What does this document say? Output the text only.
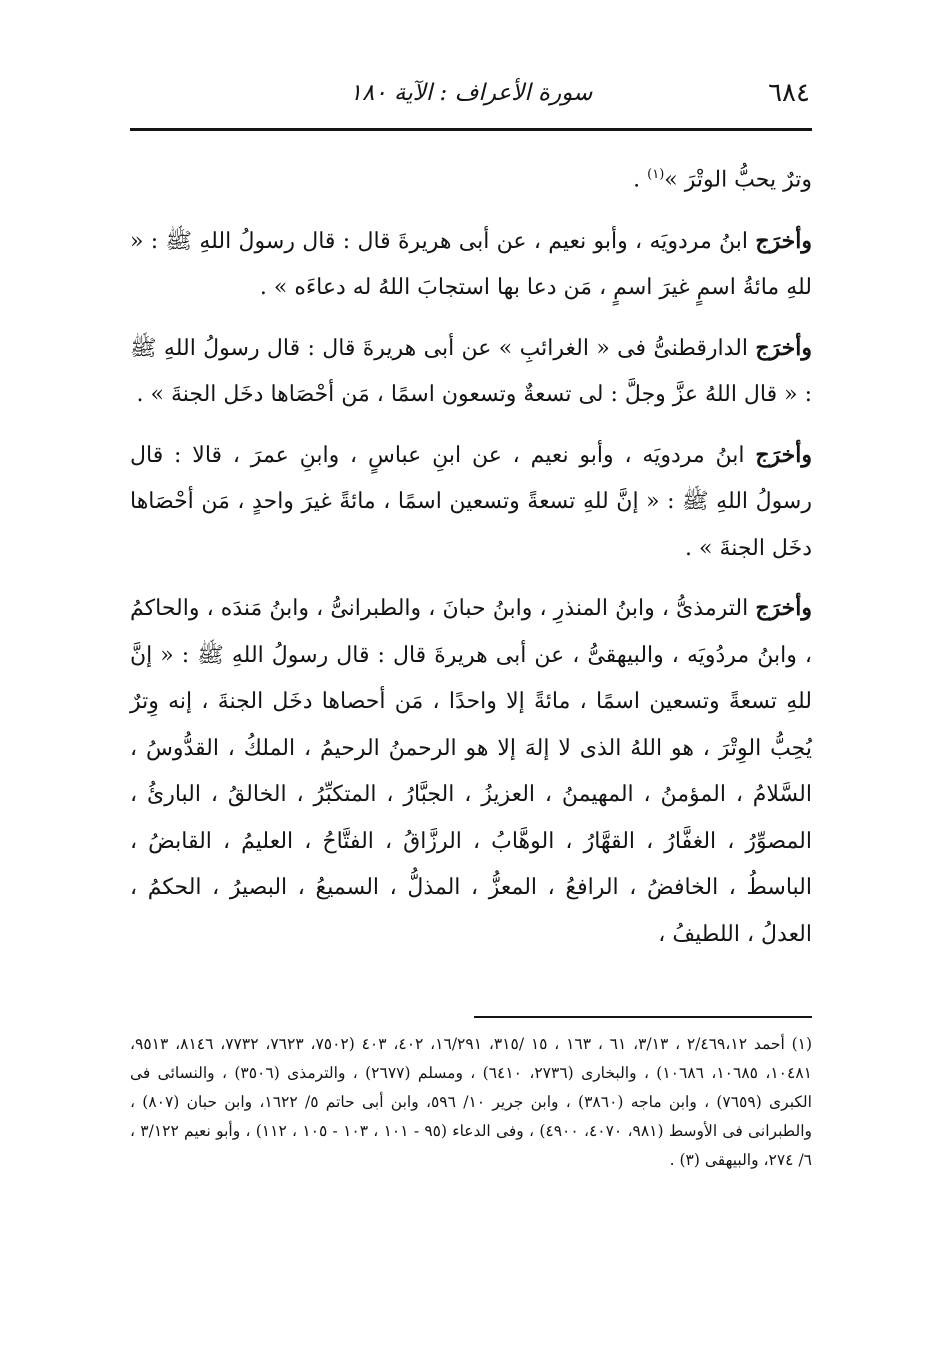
٦٨٤
سورة الأعراف : الآية ١٨٠

وترٌ يحبُّ الوتْرَ »$^{(١)}$ .

وأخرَج ابنُ مردويَه ، وأبو نعيم ، عن أبى هريرةَ قال : قال رسولُ اللهِ ﷺ : « للهِ مائةُ اسمٍ غيرَ اسمٍ ، مَن دعا بها استجابَ اللهُ له دعاءَه » .

وأخرَج الدارقطنىُّ فى « الغرائبِ » عن أبى هريرةَ قال : قال رسولُ اللهِ ﷺ : « قال اللهُ عزَّ وجلَّ : لى تسعةٌ وتسعون اسمًا ، مَن أحْصَاها دخَل الجنةَ » .

وأخرَج ابنُ مردويَه ، وأبو نعيم ، عن ابنِ عباسٍ ، وابنِ عمرَ ، قالا : قال رسولُ اللهِ ﷺ : « إنَّ للهِ تسعةً وتسعين اسمًا ، مائةً غيرَ واحدٍ ، مَن أحْصَاها دخَل الجنةَ » .

وأخرَج الترمذىُّ ، وابنُ المنذرِ ، وابنُ حبانَ ، والطبرانىُّ ، وابنُ مَندَه ، والحاكمُ ، وابنُ مردُويَه ، والبيهقىُّ ، عن أبى هريرةَ قال : قال رسولُ اللهِ ﷺ : « إنَّ للهِ تسعةً وتسعين اسمًا ، مائةً إلا واحدًا ، مَن أحصاها دخَل الجنةَ ، إنه وِترٌ يُحِبُّ الوِتْرَ ، هو اللهُ الذى لا إلهَ إلا هو الرحمنُ الرحيمُ ، الملكُ ، القدُّوسُ ، السَّلامُ ، المؤمنُ ، المهيمنُ ، العزيزُ ، الجبَّارُ ، المتكبِّرُ ، الخالقُ ، البارئُ ، المصوِّرُ ، الغفَّارُ ، القهَّارُ ، الوهَّابُ ، الرزَّاقُ ، الفتَّاحُ ، العليمُ ، القابضُ ، الباسطُ ، الخافضُ ، الرافعُ ، المعزُّ ، المذلُّ ، السميعُ ، البصيرُ ، الحكمُ ، العدلُ ، اللطيفُ ،

(١) أحمد ٢/٤٦٩،١٢ ، ٣/١٣، ٦١ ، ١٦٣ ، ١٥ /٣١٥، ١٦/٢٩١، ٤٠٢، ٤٠٣ (٧٥٠٢، ٧٦٢٣، ٧٧٣٢، ٨١٤٦، ٩٥١٣، ١٠٤٨١، ١٠٦٨٥، ١٠٦٨٦) ، والبخارى (٢٧٣٦، ٦٤١٠) ، ومسلم (٢٦٧٧) ، والترمذى (٣٥٠٦) ، والنسائى فى الكبرى (٧٦٥٩) ، وابن ماجه (٣٨٦٠) ، وابن جرير ١٠/ ٥٩٦، وابن أبى حاتم ٥/ ١٦٢٢، وابن حبان (٨٠٧) ، والطبرانى فى الأوسط (٩٨١، ٤٠٧٠، ٤٩٠٠) ، وفى الدعاء (٩٥ - ١٠١ ، ١٠٣ - ١٠٥ ، ١١٢) ، وأبو نعيم ٣/١٢٢ ، ٦/ ٢٧٤، والبيهقى (٣) .
